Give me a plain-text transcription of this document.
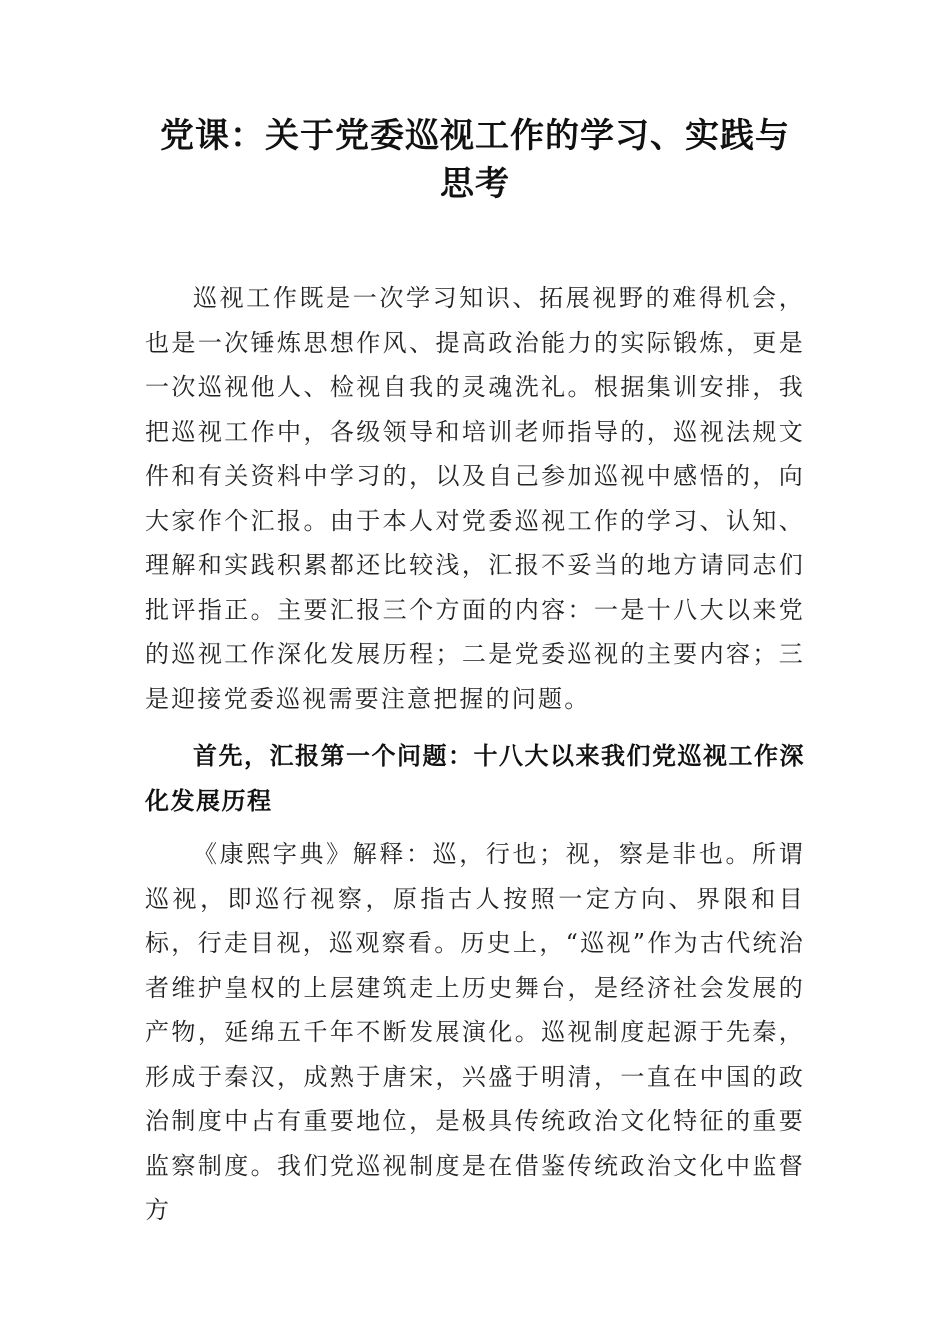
党课：关于党委巡视工作的学习、实践与思考

巡视工作既是一次学习知识、拓展视野的难得机会，也是一次锤炼思想作风、提高政治能力的实际锻炼，更是一次巡视他人、检视自我的灵魂洗礼。根据集训安排，我把巡视工作中，各级领导和培训老师指导的，巡视法规文件和有关资料中学习的，以及自己参加巡视中感悟的，向大家作个汇报。由于本人对党委巡视工作的学习、认知、理解和实践积累都还比较浅，汇报不妥当的地方请同志们批评指正。主要汇报三个方面的内容：一是十八大以来党的巡视工作深化发展历程；二是党委巡视的主要内容；三是迎接党委巡视需要注意把握的问题。

首先，汇报第一个问题：十八大以来我们党巡视工作深化发展历程

《康熙字典》解释：巡，行也；视，察是非也。所谓巡视，即巡行视察，原指古人按照一定方向、界限和目标，行走目视，巡观察看。历史上，“巡视”作为古代统治者维护皇权的上层建筑走上历史舞台，是经济社会发展的产物，延绵五千年不断发展演化。巡视制度起源于先秦，形成于秦汉，成熟于唐宋，兴盛于明清，一直在中国的政治制度中占有重要地位，是极具传统政治文化特征的重要监察制度。我们党巡视制度是在借鉴传统政治文化中监督方
